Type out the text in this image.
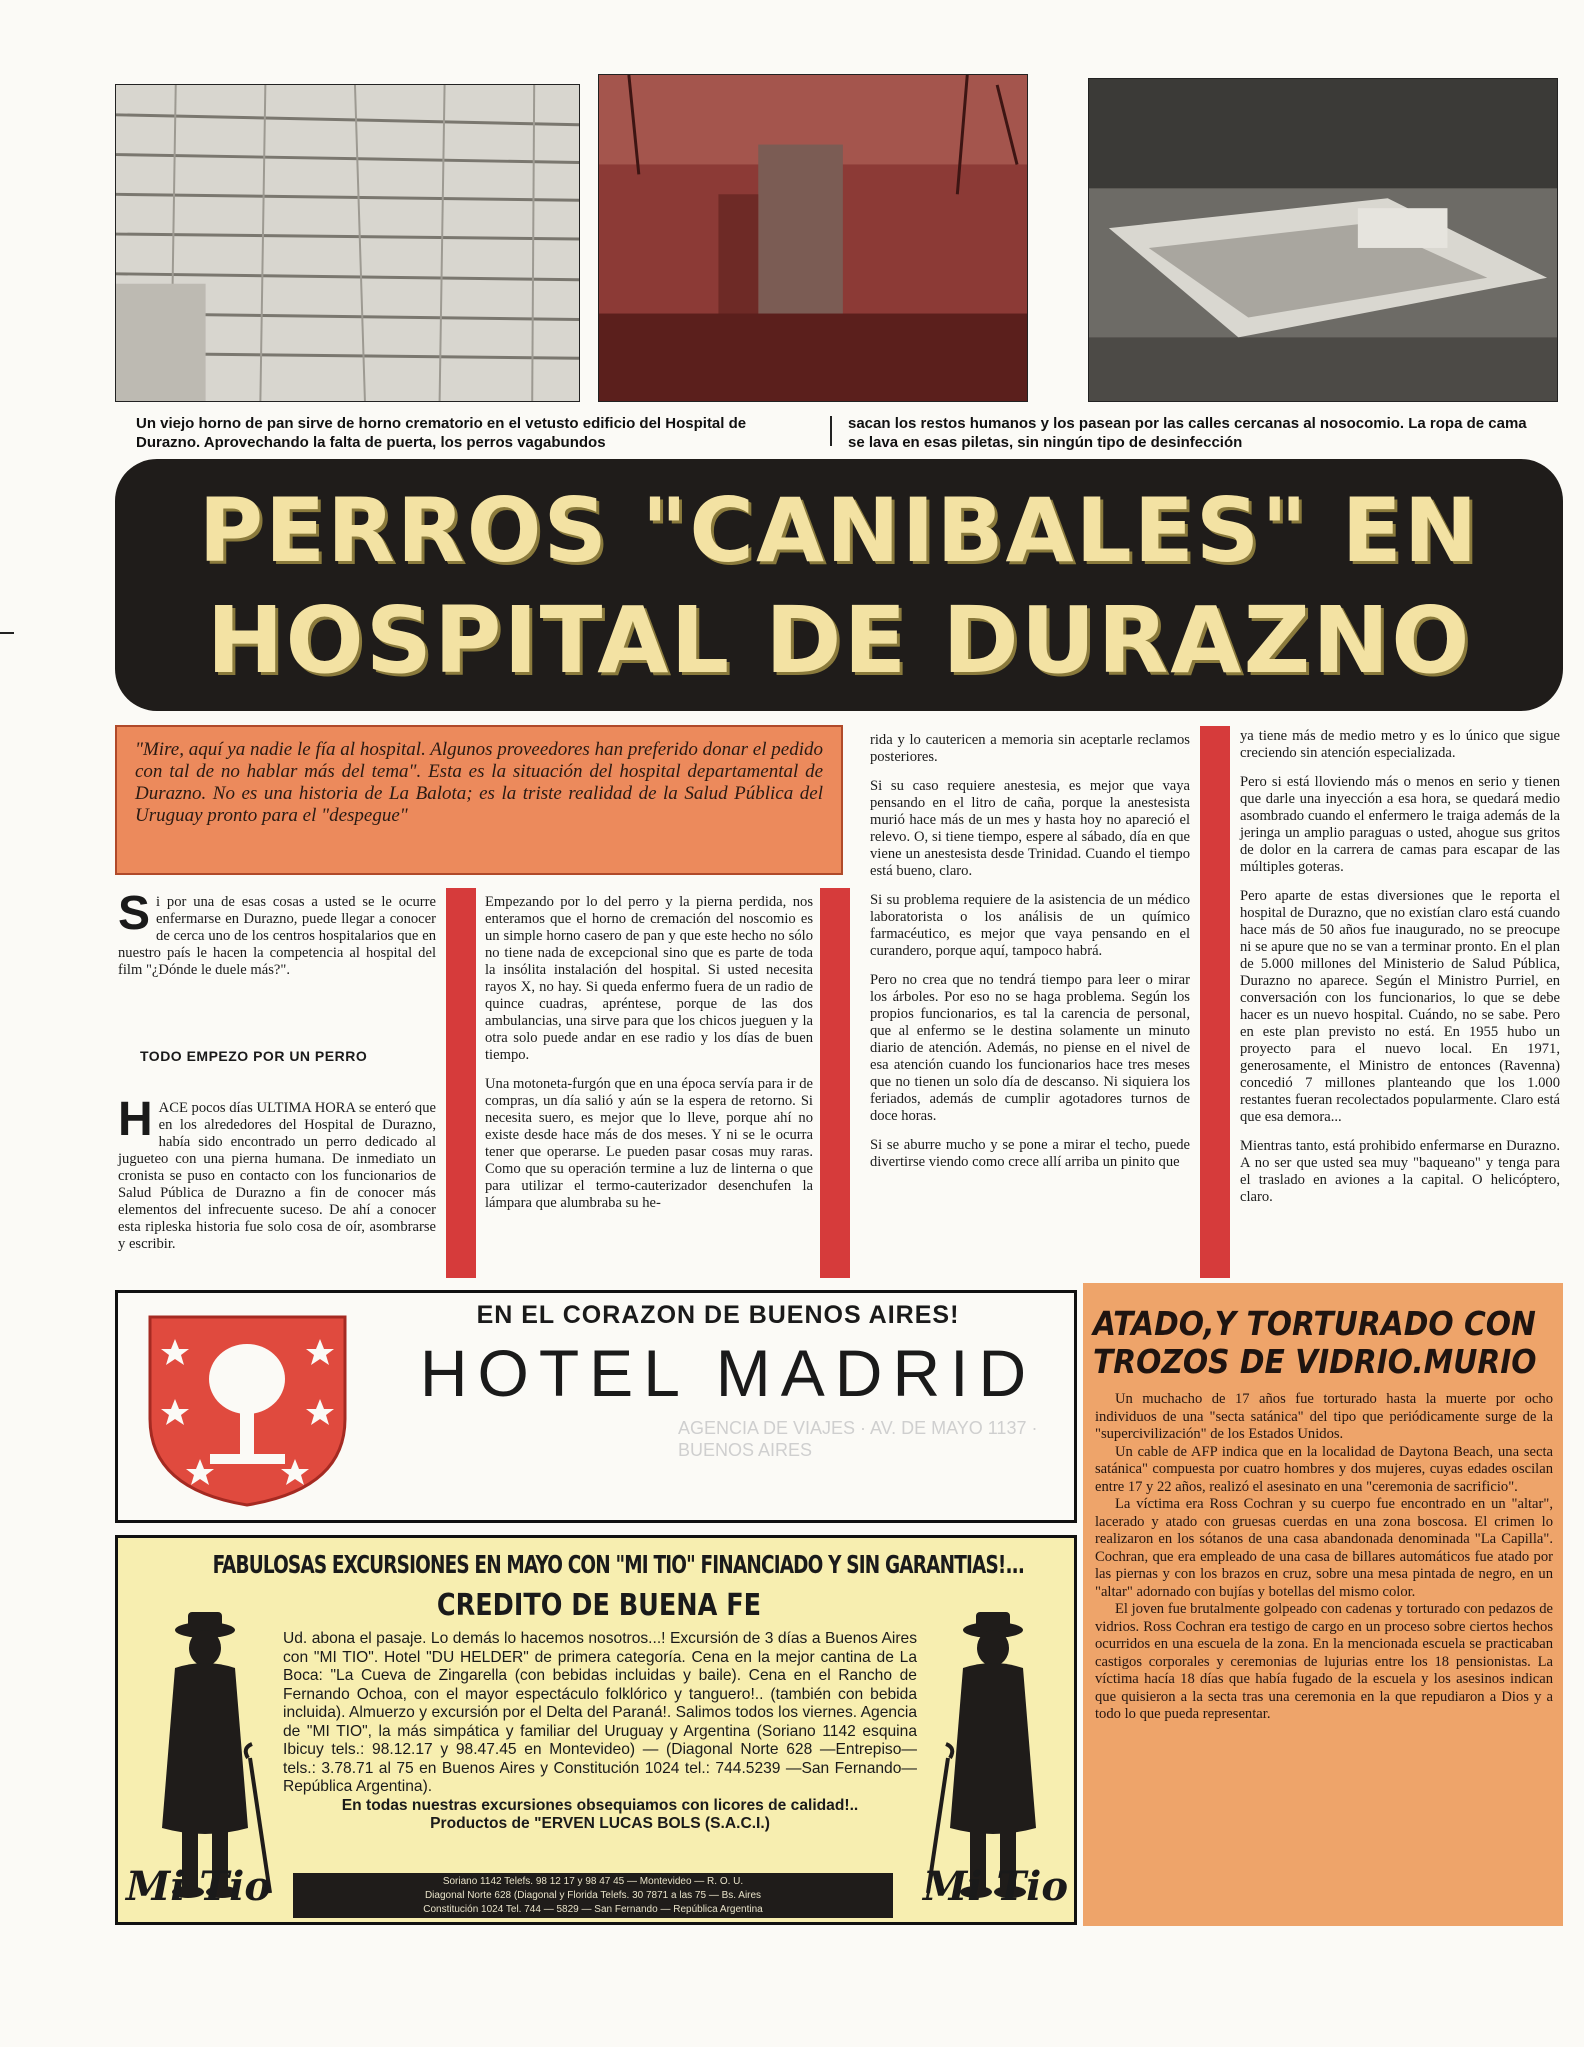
Un viejo horno de pan sirve de horno crematorio en el vetusto edificio del Hospital de Durazno. Aprovechando la falta de puerta, los perros vagabundos
sacan los restos humanos y los pasean por las calles cercanas al nosocomio. La ropa de cama se lava en esas piletas, sin ningún tipo de desinfección
PERROS "CANIBALES" EN
HOSPITAL DE DURAZNO
"Mire, aquí ya nadie le fía al hospital. Algunos proveedores han preferido donar el pedido con tal de no hablar más del tema". Esta es la situación del hospital departamental de Durazno. No es una historia de La Balota; es la triste realidad de la Salud Pública del Uruguay pronto para el "despegue"

Si por una de esas cosas a usted se le ocurre enfermarse en Durazno, puede llegar a conocer de cerca uno de los centros hospitalarios que en nuestro país le hacen la competencia al hospital del film "¿Dónde le duele más?".

TODO EMPEZO POR UN PERRO

HACE pocos días ULTIMA HORA se enteró que en los alrededores del Hospital de Durazno, había sido encontrado un perro dedicado al jugueteo con una pierna humana. De inmediato un cronista se puso en contacto con los funcionarios de Salud Pública de Durazno a fin de conocer más elementos del infrecuente suceso. De ahí a conocer esta ripleska historia fue solo cosa de oír, asombrarse y escribir.

Empezando por lo del perro y la pierna perdida, nos enteramos que el horno de cremación del noscomio es un simple horno casero de pan y que este hecho no sólo no tiene nada de excepcional sino que es parte de toda la insólita instalación del hospital. Si usted necesita rayos X, no hay. Si queda enfermo fuera de un radio de quince cuadras, apréntese, porque de las dos ambulancias, una sirve para que los chicos jueguen y la otra solo puede andar en ese radio y los días de buen tiempo.

Una motoneta-furgón que en una época servía para ir de compras, un día salió y aún se la espera de retorno. Si necesita suero, es mejor que lo lleve, porque ahí no existe desde hace más de dos meses. Y ni se le ocurra tener que operarse. Le pueden pasar cosas muy raras. Como que su operación termine a luz de linterna o que para utilizar el termo-cauterizador desenchufen la lámpara que alumbraba su he-

rida y lo cautericen a memoria sin aceptarle reclamos posteriores.

Si su caso requiere anestesia, es mejor que vaya pensando en el litro de caña, porque la anestesista murió hace más de un mes y hasta hoy no apareció el relevo. O, si tiene tiempo, espere al sábado, día en que viene un anestesista desde Trinidad. Cuando el tiempo está bueno, claro.

Si su problema requiere de la asistencia de un médico laboratorista o los análisis de un químico farmacéutico, es mejor que vaya pensando en el curandero, porque aquí, tampoco habrá.

Pero no crea que no tendrá tiempo para leer o mirar los árboles. Por eso no se haga problema. Según los propios funcionarios, es tal la carencia de personal, que al enfermo se le destina solamente un minuto diario de atención. Además, no piense en el nivel de esa atención cuando los funcionarios hace tres meses que no tienen un solo día de descanso. Ni siquiera los feriados, además de cumplir agotadores turnos de doce horas.

Si se aburre mucho y se pone a mirar el techo, puede divertirse viendo como crece allí arriba un pinito que

ya tiene más de medio metro y es lo único que sigue creciendo sin atención especializada.

Pero si está lloviendo más o menos en serio y tienen que darle una inyección a esa hora, se quedará medio asombrado cuando el enfermero le traiga además de la jeringa un amplio paraguas o usted, ahogue sus gritos de dolor en la carrera de camas para escapar de las múltiples goteras.

Pero aparte de estas diversiones que le reporta el hospital de Durazno, que no existían claro está cuando hace más de 50 años fue inaugurado, no se preocupe ni se apure que no se van a terminar pronto. En el plan de 5.000 millones del Ministerio de Salud Pública, Durazno no aparece. Según el Ministro Purriel, en conversación con los funcionarios, lo que se debe hacer es un nuevo hospital. Cuándo, no se sabe. Pero en este plan previsto no está. En 1955 hubo un proyecto para el nuevo local. En 1971, generosamente, el Ministro de entonces (Ravenna) concedió 7 millones planteando que los 1.000 restantes fueran recolectados popularmente. Claro está que esa demora...

Mientras tanto, está prohibido enfermarse en Durazno. A no ser que usted sea muy "baqueano" y tenga para el traslado en aviones a la capital. O helicóptero, claro.

EN EL CORAZON DE BUENOS AIRES!
HOTEL MADRID
AGENCIA DE VIAJES · AV. DE MAYO 1137 · BUENOS AIRES
FABULOSAS EXCURSIONES EN MAYO CON "MI TIO" FINANCIADO Y SIN GARANTIAS!...
CREDITO DE BUENA FE
Ud. abona el pasaje. Lo demás lo hacemos nosotros...! Excursión de 3 días a Buenos Aires con "MI TIO". Hotel "DU HELDER" de primera categoría. Cena en la mejor cantina de La Boca: "La Cueva de Zingarella (con bebidas incluidas y baile). Cena en el Rancho de Fernando Ochoa, con el mayor espectáculo folklórico y tanguero!.. (también con bebida incluida). Almuerzo y excursión por el Delta del Paraná!. Salimos todos los viernes. Agencia de "MI TIO", la más simpática y familiar del Uruguay y Argentina (Soriano 1142 esquina Ibicuy tels.: 98.12.17 y 98.47.45 en Montevideo) — (Diagonal Norte 628 —Entrepiso— tels.: 3.78.71 al 75 en Buenos Aires y Constitución 1024 tel.: 744.5239 —San Fernando— República Argentina).
En todas nuestras excursiones obsequiamos con licores de calidad!..
Productos de "ERVEN LUCAS BOLS (S.A.C.I.)
Soriano 1142 Telefs. 98 12 17 y 98 47 45 — Montevideo — R. O. U.
Diagonal Norte 628 (Diagonal y Florida Telefs. 30 7871 a las 75 — Bs. Aires
Constitución 1024 Tel. 744 — 5829 — San Fernando — República Argentina
Mi Tio	Mi Tio
ATADO,Y TORTURADO CON
TROZOS DE VIDRIO.MURIO

Un muchacho de 17 años fue torturado hasta la muerte por ocho individuos de una "secta satánica" del tipo que periódicamente surge de la "supercivilización" de los Estados Unidos.

Un cable de AFP indica que en la localidad de Daytona Beach, una secta satánica" compuesta por cuatro hombres y dos mujeres, cuyas edades oscilan entre 17 y 22 años, realizó el asesinato en una "ceremonia de sacrificio".

La víctima era Ross Cochran y su cuerpo fue encontrado en un "altar", lacerado y atado con gruesas cuerdas en una zona boscosa. El crimen lo realizaron en los sótanos de una casa abandonada denominada "La Capilla". Cochran, que era empleado de una casa de billares automáticos fue atado por las piernas y con los brazos en cruz, sobre una mesa pintada de negro, en un "altar" adornado con bujías y botellas del mismo color.

El joven fue brutalmente golpeado con cadenas y torturado con pedazos de vidrios. Ross Cochran era testigo de cargo en un proceso sobre ciertos hechos ocurridos en una escuela de la zona. En la mencionada escuela se practicaban castigos corporales y ceremonias de lujurias entre los 18 pensionistas. La víctima hacía 18 días que había fugado de la escuela y los asesinos indican que quisieron a la secta tras una ceremonia en la que repudiaron a Dios y a todo lo que pueda representar.
